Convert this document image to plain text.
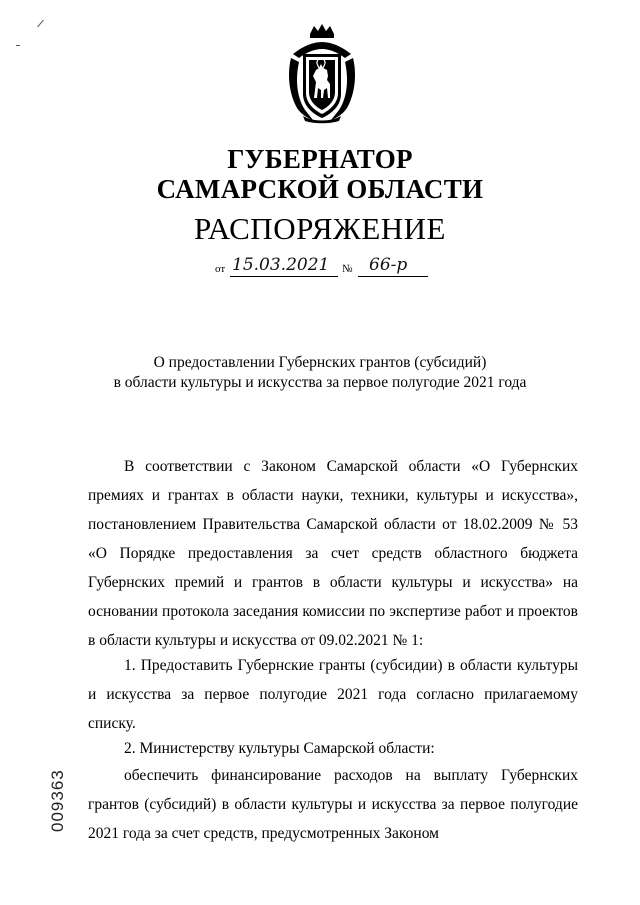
ГУБЕРНАТОР
САМАРСКОЙ ОБЛАСТИ
РАСПОРЯЖЕНИЕ
от 15.03.2021 № 66-р
О предоставлении Губернских грантов (субсидий)
в области культуры и искусства за первое полугодие 2021 года

В соответствии с Законом Самарской области «О Губернских премиях и грантах в области науки, техники, культуры и искусства», постановлением Правительства Самарской области от 18.02.2009 № 53 «О Порядке предоставления за счет средств областного бюджета Губернских премий и грантов в области культуры и искусства» на основании протокола заседания комиссии по экспертизе работ и проектов в области культуры и искусства от 09.02.2021 № 1:

1. Предоставить Губернские гранты (субсидии) в области культуры и искусства за первое полугодие 2021 года согласно прилагаемому списку.

2. Министерству культуры Самарской области:

обеспечить финансирование расходов на выплату Губернских грантов (субсидий) в области культуры и искусства за первое полугодие 2021 года за счет средств, предусмотренных Законом

009363
